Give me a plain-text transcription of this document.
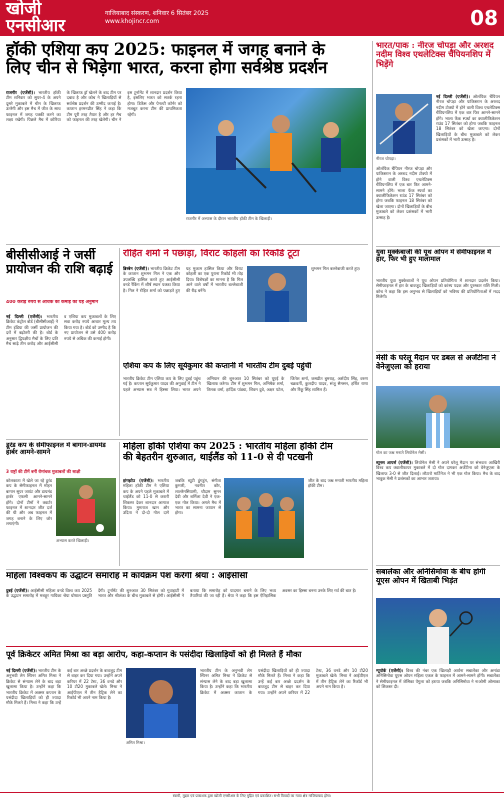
खोजी एनसीआर
गाजियाबाद संस्करण, शनिवार 6 सितंबर 2025
www.khojincr.com	08
हॉकी एशिया कप 2025: फाइनल में जगह बनाने के
लिए चीन से भिड़ेगा भारत, करना होगा सर्वश्रेष्ठ प्रदर्शन
राजगीर (एजेंसी)। भारतीय हॉकी टीम शनिवार को सुपर-4 के अपने दूसरे मुकाबले में चीन के खिलाफ उतरेगी और इस मैच में जीत के साथ फाइनल में जगह पक्की करने का लक्ष्य रखेगी। पिछले मैच में कोरिया के खिलाफ ड्रॉ खेलने के बाद टीम पर दबाव है और कोच ने खिलाड़ियों से सर्वश्रेष्ठ प्रदर्शन की उम्मीद जताई है। कप्तान हरमनप्रीत सिंह ने कहा कि टीम पूरी तरह तैयार है और हर मैच को फाइनल की तरह खेलेगी। चीन ने इस टूर्नामेंट में शानदार प्रदर्शन किया है, इसलिए भारत को सतर्क रहना होगा। डिफेंस और पेनल्टी कॉर्नर को मजबूत करना टीम की प्राथमिकता रहेगी।
राजगीर में अभ्यास के दौरान भारतीय हॉकी टीम के खिलाड़ी।
बीसीसीआई ने जर्सी
प्रायोजन की राशि बढ़ाई
400 करोड़ रुपये से अधिक की कमाई की यह अनुमान
नई दिल्ली (एजेंसी)। भारतीय क्रिकेट कंट्रोल बोर्ड (बीसीसीआई) ने टीम इंडिया की जर्सी प्रायोजन की दरों में बढ़ोतरी की है। बोर्ड के अनुसार द्विपक्षीय मैचों के लिए प्रति मैच साढ़े तीन करोड़ और आईसीसी व एशिया कप मुकाबलों के लिए सवा करोड़ रुपये आधार मूल्य तय किया गया है। बोर्ड को उम्मीद है कि नए प्रायोजन से उसे 400 करोड़ रुपये से अधिक की कमाई होगी।
रोहित शर्मा ने पछाड़ा, विराट कोहली का रिकॉर्ड टूटा
ब्रिस्बेन (एजेंसी)। भारतीय क्रिकेट टीम के कप्तान शुभमन गिल ने एक और उपलब्धि हासिल करते हुए आईसीसी वनडे रैंकिंग में शीर्ष स्थान पक्का किया है। गिल ने रोहित शर्मा को पछाड़ते हुए यह मुकाम हासिल किया और विराट कोहली का एक पुराना रिकॉर्ड भी तोड़ दिया। विशेषज्ञों का मानना है कि गिल आने वाले वर्षों में भारतीय बल्लेबाजी की रीढ़ बनेंगे।
शुभमन गिल बल्लेबाजी करते हुए।
एशिया कप के लिए सूर्यकुमार की कप्तानी में भारतीय टीम दुबई पहुंची
भारतीय क्रिकेट टीम एशिया कप के लिए दुबई पहुंच गई है। कप्तान सूर्यकुमार यादव की अगुवाई में टीम ने पहले अभ्यास सत्र में हिस्सा लिया। भारत अपने अभियान की शुरुआत 10 सितंबर को यूएई के खिलाफ करेगा। टीम में शुभमन गिल, अभिषेक शर्मा, तिलक वर्मा, हार्दिक पांड्या, शिवम दुबे, अक्षर पटेल, जितेश शर्मा, जसप्रीत बुमराह, अर्शदीप सिंह, वरुण चक्रवर्ती, कुलदीप यादव, संजू सैमसन, हर्षित राणा और रिंकू सिंह शामिल हैं।
डूरंड कप के सेमीफाइनल में बागान-डायमंड हार्बर आमने-सामने
3 राष्ट्रों की टीमें बनीं रोमांचक मुकाबलों की साक्षी
कोलकाता में खेले जा रहे डूरंड कप के सेमीफाइनल में मोहन बागान सुपर जायंट और डायमंड हार्बर एफसी आमने-सामने होंगे। दोनों टीमों ने क्वार्टर फाइनल में शानदार जीत दर्ज की थी और अब फाइनल में जगह बनाने के लिए जोर लगाएंगी।
अभ्यास करते खिलाड़ी।
महिला हॉकी एशिया कप 2025 : भारतीय महिला हॉकी टीम
की बेहतरीन शुरुआत, थाईलैंड को 11-0 से दी पटखनी
हांगझोउ (एजेंसी)। भारतीय महिला हॉकी टीम ने एशिया कप के अपने पहले मुकाबले में थाईलैंड को 11-0 से करारी शिकस्त देकर शानदार आगाज किया। मुमताज खान और उदिता ने दो-दो गोल दागे जबकि ब्यूटी डुंगडुंग, संगीता कुमारी, नवनीत कौर, लालरेमसियामी, थौदाम सुमन देवी और शर्मिला देवी ने एक-एक गोल किया। अगले मैच में भारत का सामना जापान से होगा।
जीत के बाद जश्न मनाती भारतीय महिला हॉकी टीम।
महिला विश्वकप के उद्घाटन समारोह में कार्यक्रम पेश करेंगी श्रेया : आईसीसी
दुबई (एजेंसी)। आईसीसी महिला वनडे विश्व कप 2025 के उद्घाटन समारोह में मशहूर गायिका श्रेया घोषाल प्रस्तुति देंगी। टूर्नामेंट की शुरुआत 30 सितंबर को गुवाहाटी में भारत और श्रीलंका के बीच मुकाबले से होगी। आईसीसी ने बताया कि समारोह को यादगार बनाने के लिए भव्य तैयारियां की जा रही हैं। श्रेया ने कहा कि इस ऐतिहासिक अवसर का हिस्सा बनना उनके लिए गर्व की बात है।
पूर्व क्रिकेटर अमित मिश्रा का बड़ा आरोप, कहा-कप्तान के पसंदीदा खिलाड़ियों को ही मिलते हैं मौका
नई दिल्ली (एजेंसी)। भारतीय टीम के अनुभवी लेग स्पिनर अमित मिश्रा ने क्रिकेट से संन्यास लेने के बाद बड़ा खुलासा किया है। उन्होंने कहा कि भारतीय क्रिकेट में अक्सर कप्तान के पसंदीदा खिलाड़ियों को ही ज्यादा मौके मिलते हैं। मिश्रा ने कहा कि उन्हें कई बार अच्छे प्रदर्शन के बावजूद टीम से बाहर कर दिया गया। उन्होंने अपने करियर में 22 टेस्ट, 36 वनडे और 10 टी20 मुकाबले खेले। मिश्रा ने आईपीएल में तीन हैट्रिक लेने का रिकॉर्ड भी अपने नाम किया है।
अमित मिश्रा।
भारतीय टीम के अनुभवी लेग स्पिनर अमित मिश्रा ने क्रिकेट से संन्यास लेने के बाद बड़ा खुलासा किया है। उन्होंने कहा कि भारतीय क्रिकेट में अक्सर कप्तान के पसंदीदा खिलाड़ियों को ही ज्यादा मौके मिलते हैं। मिश्रा ने कहा कि उन्हें कई बार अच्छे प्रदर्शन के बावजूद टीम से बाहर कर दिया गया। उन्होंने अपने करियर में 22 टेस्ट, 36 वनडे और 10 टी20 मुकाबले खेले। मिश्रा ने आईपीएल में तीन हैट्रिक लेने का रिकॉर्ड भी अपने नाम किया है।
भारत/पाक : नीरज चोपड़ा और अरशद नदीम विश्व एथलेटिक्स चैंपियनशिप में भिड़ेंगे
नीरज चोपड़ा।
नई दिल्ली (एजेंसी)। ओलंपिक चैंपियन नीरज चोपड़ा और पाकिस्तान के अरशद नदीम टोक्यो में होने वाली विश्व एथलेटिक्स चैंपियनशिप में एक बार फिर आमने-सामने होंगे। भाला फेंक स्पर्धा का क्वालीफिकेशन राउंड 17 सितंबर को होगा जबकि फाइनल 18 सितंबर को खेला जाएगा। दोनों खिलाड़ियों के बीच मुकाबले को लेकर प्रशंसकों में भारी उत्साह है।
ओलंपिक चैंपियन नीरज चोपड़ा और पाकिस्तान के अरशद नदीम टोक्यो में होने वाली विश्व एथलेटिक्स चैंपियनशिप में एक बार फिर आमने-सामने होंगे। भाला फेंक स्पर्धा का क्वालीफिकेशन राउंड 17 सितंबर को होगा जबकि फाइनल 18 सितंबर को खेला जाएगा। दोनों खिलाड़ियों के बीच मुकाबले को लेकर प्रशंसकों में भारी उत्साह है।
युवा मुक्केबाजी की यूथ ओपन में सेमीफाइनल में हार, फिर भी हुए मालामाल
भारतीय युवा मुक्केबाजों ने यूथ ओपन प्रतियोगिता में शानदार प्रदर्शन किया। सेमीफाइनल में हार के बावजूद खिलाड़ियों को कांस्य पदक और पुरस्कार राशि मिली। कोच ने कहा कि इस अनुभव से खिलाड़ियों को भविष्य की प्रतियोगिताओं में मदद मिलेगी।
मेसी के घरेलू मैदान पर डबल से अर्जेंटीना ने वेनेजुएला को हराया
गोल का जश्न मनाते लियोनेल मेसी।
ब्यूनस आयर्स (एजेंसी)। लियोनेल मेसी ने अपने घरेलू मैदान पर संभवतः आखिरी विश्व कप क्वालीफायर मुकाबले में दो गोल दागकर अर्जेंटीना को वेनेजुएला के खिलाफ 3-0 से जीत दिलाई। लौटारो मार्टिनेज ने भी एक गोल किया। मैच के बाद भावुक मेसी ने प्रशंसकों का आभार जताया।
सबालेंका और अनिसिमोवा के बीच होगी यूएस ओपन में खिताबी भिड़ंत
न्यूयॉर्क (एजेंसी)। विश्व की नंबर एक खिलाड़ी आर्यना सबालेंका और अमांडा अनिसिमोवा यूएस ओपन महिला एकल के फाइनल में आमने-सामने होंगी। सबालेंका ने सेमीफाइनल में जेसिका पेगुला को हराया जबकि अनिसिमोवा ने नाओमी ओसाका को शिकस्त दी।
स्वामी, मुद्रक एवं प्रकाशक द्वारा खोजी एनसीआर के लिए मुद्रित एवं प्रकाशित। सभी विवादों का न्याय क्षेत्र गाजियाबाद होगा।
